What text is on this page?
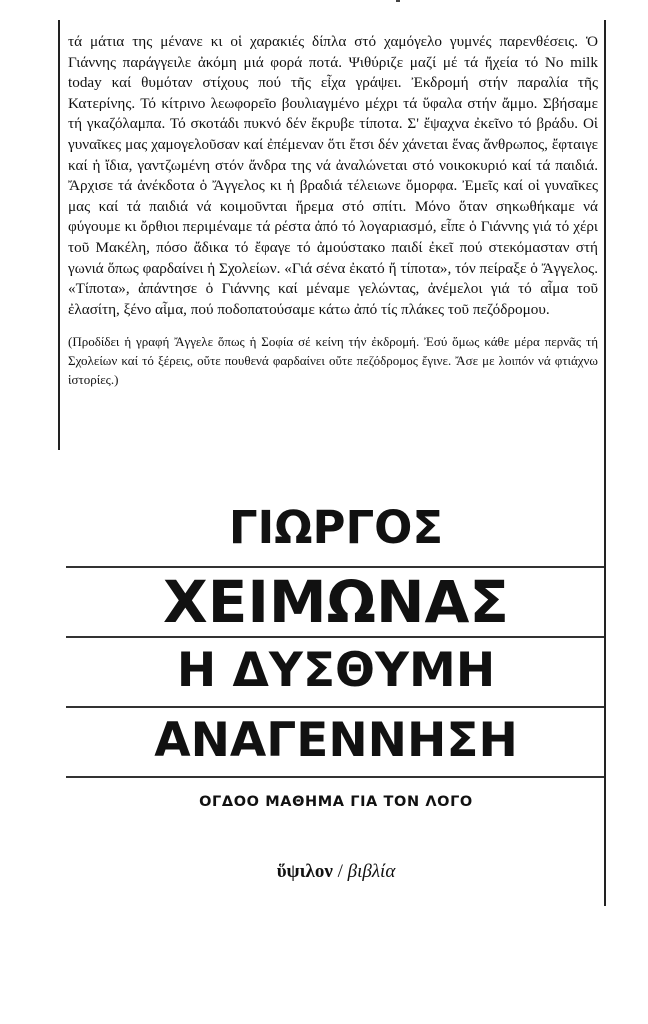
τά μάτια της μένανε κι οἱ χαρακιές δίπλα στό χαμόγελο γυμνές παρενθέσεις. Ὁ Γιάννης παράγγειλε ἀκόμη μιά φορά ποτά. Ψιθύριζε μαζί μέ τά ἤχεία τό No milk today καί θυμόταν στίχους πού τῆς εἶχα γράψει. Ἐκδρομή στήν παραλία τῆς Κατερίνης. Τό κίτρινο λεωφορεῖο βουλιαγμένο μέχρι τά ὕφαλα στήν ἄμμο. Σβήσαμε τή γκαζόλαμπα. Τό σκοτάδι πυκνό δέν ἔκρυβε τίποτα. Σ' ἔψαχνα ἐκεῖνο τό βράδυ. Οἱ γυναῖκες μας χαμογελοῦσαν καί ἐπέμεναν ὅτι ἔτσι δέν χάνεται ἕνας ἄνθρωπος, ἔφταιγε καί ἡ ἴδια, γαντζωμένη στόν ἄνδρα της νά ἀναλώνεται στό νοικοκυριό καί τά παιδιά. Ἄρχισε τά ἀνέκδοτα ὁ Ἄγγελος κι ἡ βραδιά τέλειωνε ὄμορφα. Ἐμεῖς καί οἱ γυναῖκες μας καί τά παιδιά νά κοιμοῦνται ἥρεμα στό σπίτι. Μόνο ὅταν σηκωθήκαμε νά φύγουμε κι ὄρθιοι περιμέναμε τά ρέστα ἀπό τό λογαριασμό, εἶπε ὁ Γιάννης γιά τό χέρι τοῦ Μακέλη, πόσο ἄδικα τό ἔφαγε τό ἀμούστακο παιδί ἐκεῖ πού στεκόμασταν στή γωνιά ὅπως φαρδαίνει ἡ Σχολείων. «Γιά σένα ἐκατό ἤ τίποτα», τόν πείραξε ὁ Ἄγγελος. «Τίποτα», ἀπάντησε ὁ Γιάννης καί μέναμε γελώντας, ἀνέμελοι γιά τό αἷμα τοῦ ἐλασίτη, ξένο αἷμα, πού ποδοπατούσαμε κάτω ἀπό τίς πλάκες τοῦ πεζόδρομου.

(Προδίδει ἡ γραφή Ἄγγελε ὅπως ἡ Σοφία σέ κείνη τήν ἐκδρομή. Ἐσύ ὅμως κάθε μέρα περνᾶς τή Σχολείων καί τό ξέρεις, οὔτε πουθενά φαρδαίνει οὔτε πεζόδρομος ἔγινε. Ἄσε με λοιπόν νά φτιάχνω ἱστορίες.)

ΓΙΩΡΓΟΣ
ΧΕΙΜΩΝΑΣ
Η ΔΥΣΘΥΜΗ
ΑΝΑΓΕΝΝΗΣΗ
ΟΓΔΟΟ ΜΑΘΗΜΑ ΓΙΑ ΤΟΝ ΛΟΓΟ
ὕψιλον / βιβλία
